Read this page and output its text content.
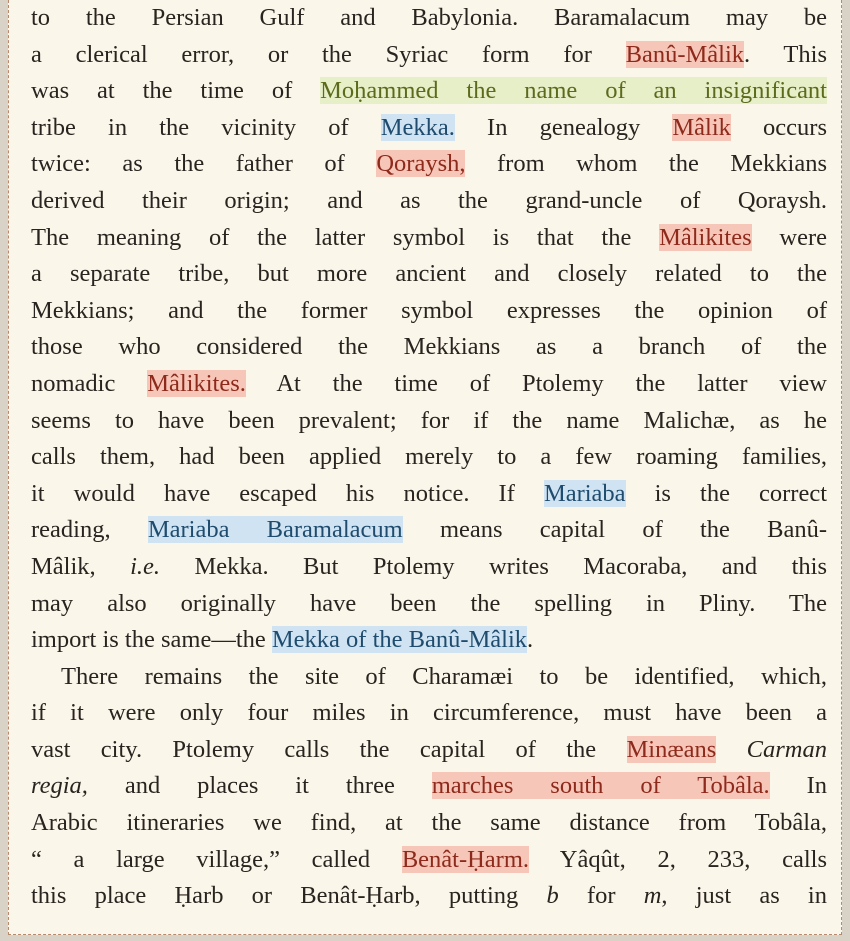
to the Persian Gulf and Babylonia. Baramalacum may be
a clerical error, or the Syriac form for Banû-Mâlik. This
was at the time of Moḥammed the name of an insignificant
tribe in the vicinity of Mekka. In genealogy Mâlik occurs
twice: as the father of Qoraysh, from whom the Mekkians
derived their origin; and as the grand-uncle of Qoraysh.
The meaning of the latter symbol is that the Mâlikites were
a separate tribe, but more ancient and closely related to the
Mekkians; and the former symbol expresses the opinion of
those who considered the Mekkians as a branch of the
nomadic Mâlikites. At the time of Ptolemy the latter view
seems to have been prevalent; for if the name Malichæ, as he
calls them, had been applied merely to a few roaming families,
it would have escaped his notice. If Mariaba is the correct
reading, Mariaba Baramalacum means capital of the Banû-
Mâlik, i.e. Mekka. But Ptolemy writes Macoraba, and this
may also originally have been the spelling in Pliny. The
import is the same—the Mekka of the Banû-Mâlik.
There remains the site of Charamæi to be identified, which,
if it were only four miles in circumference, must have been a
vast city. Ptolemy calls the capital of the Minæans Carman
regia, and places it three marches south of Tobâla. In
Arabic itineraries we find, at the same distance from Tobâla,
“ a large village,” called Benât-Ḥarm. Yâqût, 2, 233, calls
this place Ḥarb or Benât-Ḥarb, putting b for m, just as in
